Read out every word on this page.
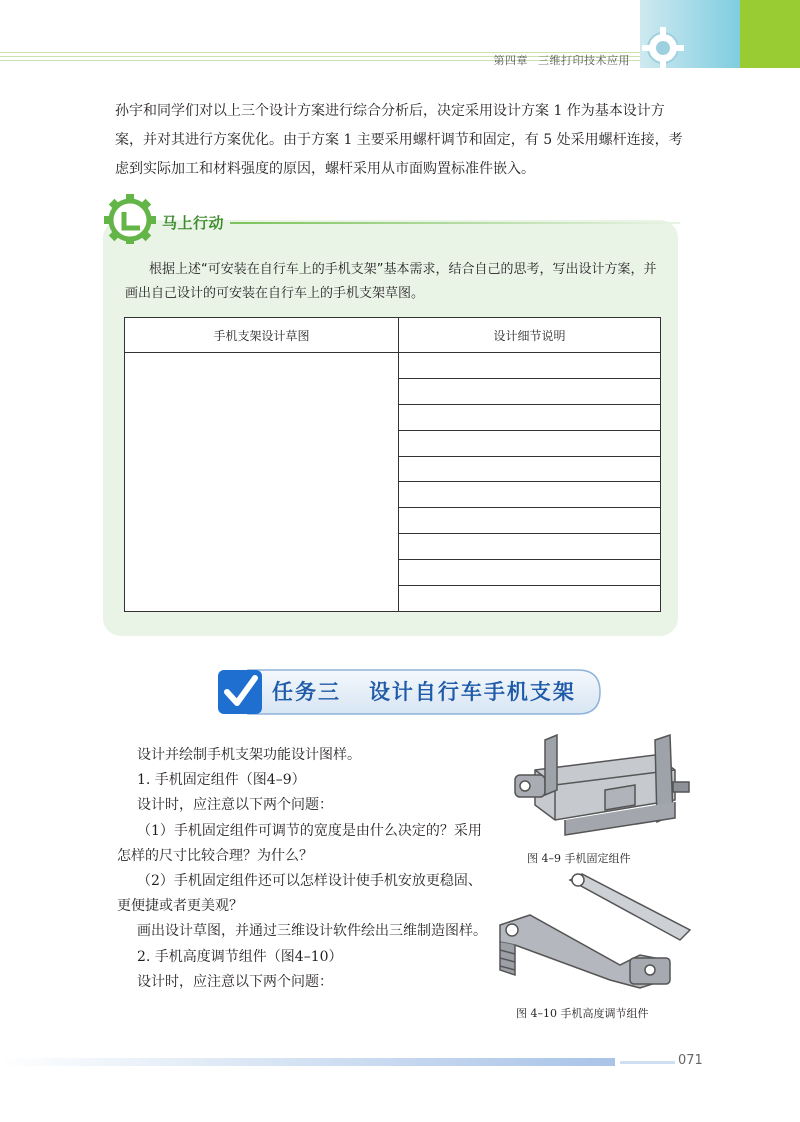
第四章 三维打印技术应用

孙宇和同学们对以上三个设计方案进行综合分析后，决定采用设计方案 1 作为基本设计方案，并对其进行方案优化。由于方案 1 主要采用螺杆调节和固定，有 5 处采用螺杆连接，考虑到实际加工和材料强度的原因，螺杆采用从市面购置标准件嵌入。

马上行动

根据上述“可安装在自行车上的手机支架”基本需求，结合自己的思考，写出设计方案，并画出自己设计的可安装在自行车上的手机支架草图。

手机支架设计草图	设计细节说明

任务三 设计自行车手机支架

设计并绘制手机支架功能设计图样。

1. 手机固定组件（图4–9）

设计时，应注意以下两个问题：

（1）手机固定组件可调节的宽度是由什么决定的？采用怎样的尺寸比较合理？为什么？

（2）手机固定组件还可以怎样设计使手机安放更稳固、更便捷或者更美观？

画出设计草图，并通过三维设计软件绘出三维制造图样。

2. 手机高度调节组件（图4–10）

设计时，应注意以下两个问题：

图 4–9 手机固定组件
图 4–10 手机高度调节组件
071
